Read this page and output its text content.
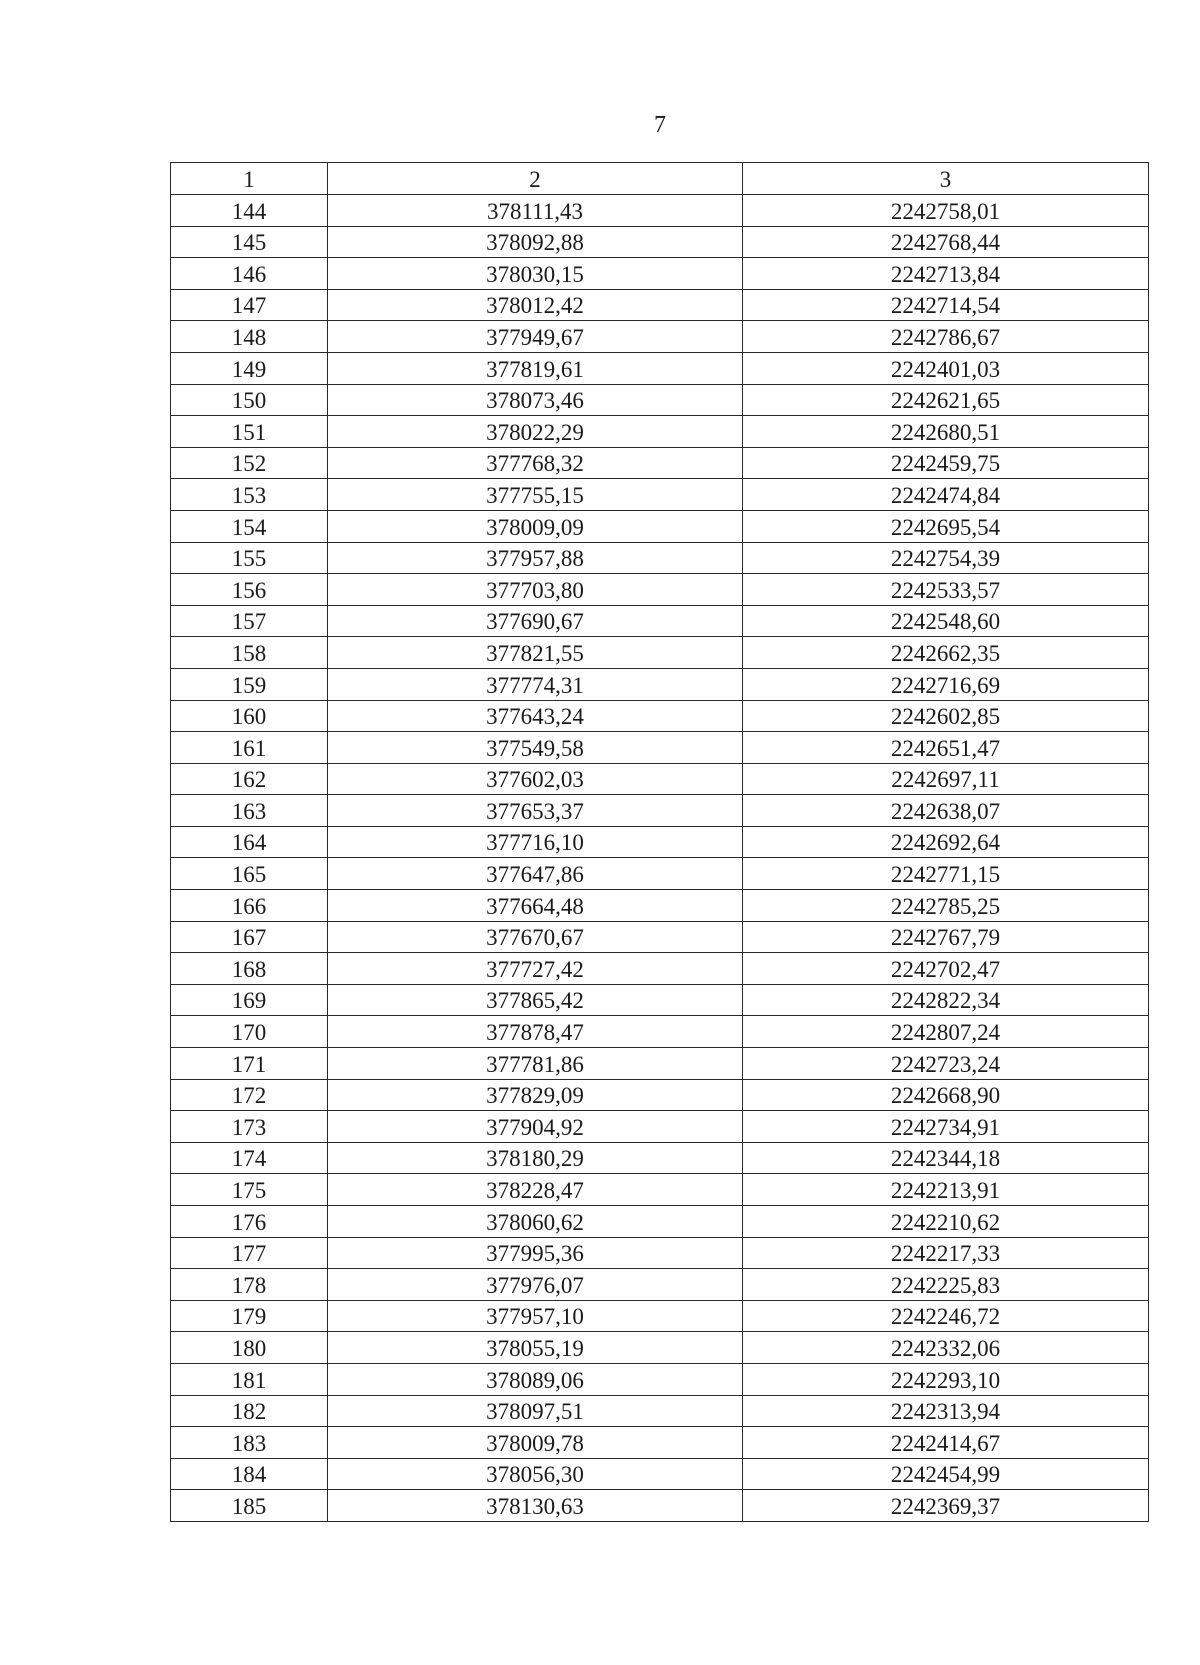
7
1	2	3
144	378111,43	2242758,01
145	378092,88	2242768,44
146	378030,15	2242713,84
147	378012,42	2242714,54
148	377949,67	2242786,67
149	377819,61	2242401,03
150	378073,46	2242621,65
151	378022,29	2242680,51
152	377768,32	2242459,75
153	377755,15	2242474,84
154	378009,09	2242695,54
155	377957,88	2242754,39
156	377703,80	2242533,57
157	377690,67	2242548,60
158	377821,55	2242662,35
159	377774,31	2242716,69
160	377643,24	2242602,85
161	377549,58	2242651,47
162	377602,03	2242697,11
163	377653,37	2242638,07
164	377716,10	2242692,64
165	377647,86	2242771,15
166	377664,48	2242785,25
167	377670,67	2242767,79
168	377727,42	2242702,47
169	377865,42	2242822,34
170	377878,47	2242807,24
171	377781,86	2242723,24
172	377829,09	2242668,90
173	377904,92	2242734,91
174	378180,29	2242344,18
175	378228,47	2242213,91
176	378060,62	2242210,62
177	377995,36	2242217,33
178	377976,07	2242225,83
179	377957,10	2242246,72
180	378055,19	2242332,06
181	378089,06	2242293,10
182	378097,51	2242313,94
183	378009,78	2242414,67
184	378056,30	2242454,99
185	378130,63	2242369,37
